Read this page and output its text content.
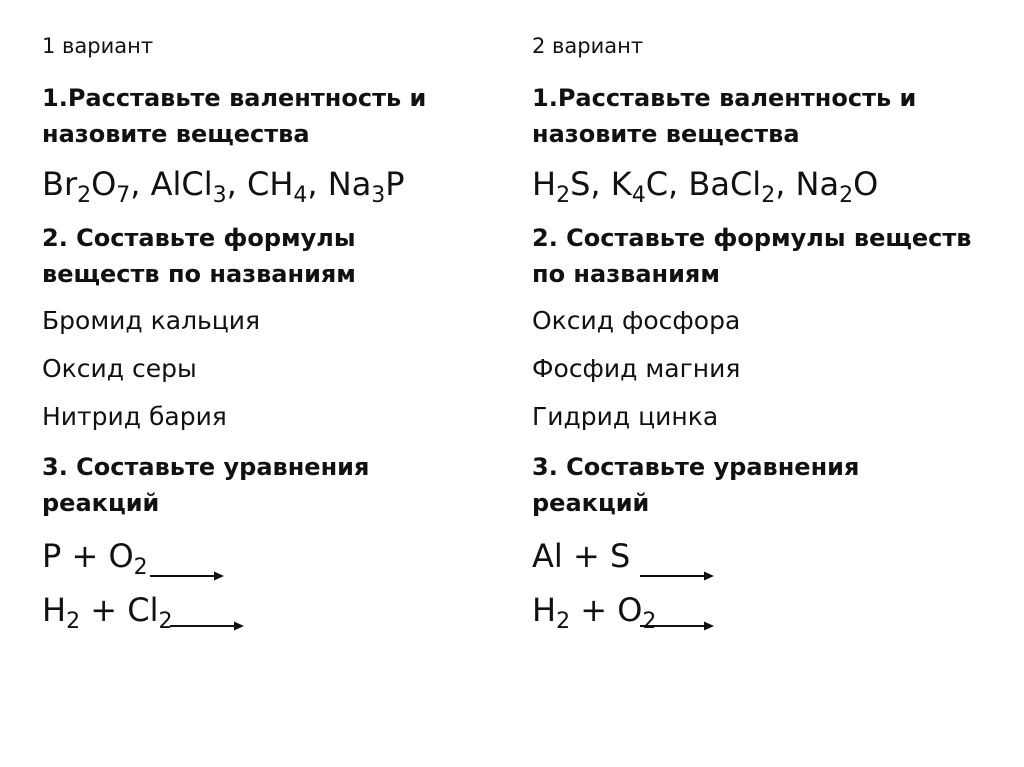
1 вариант
1.Расставьте валентность и
назовите вещества
$Br_2O_7$, AlCl$_3$, $CH_4$, $Na_3P$
2. Составьте формулы
веществ по названиям
Бромид кальция
Оксид серы
Нитрид бария
3. Составьте уравнения
реакций
$P + O_2$
$H_2 + Cl_2$
2 вариант
1.Расставьте валентность и
назовите вещества
$H_2S$, $K_4C$, BaCl$_2$, $Na_2O$
2. Составьте формулы веществ
по названиям
Оксид фосфора
Фосфид магния
Гидрид цинка
3. Составьте уравнения
реакций
Al + S
$H_2 + O_2$
